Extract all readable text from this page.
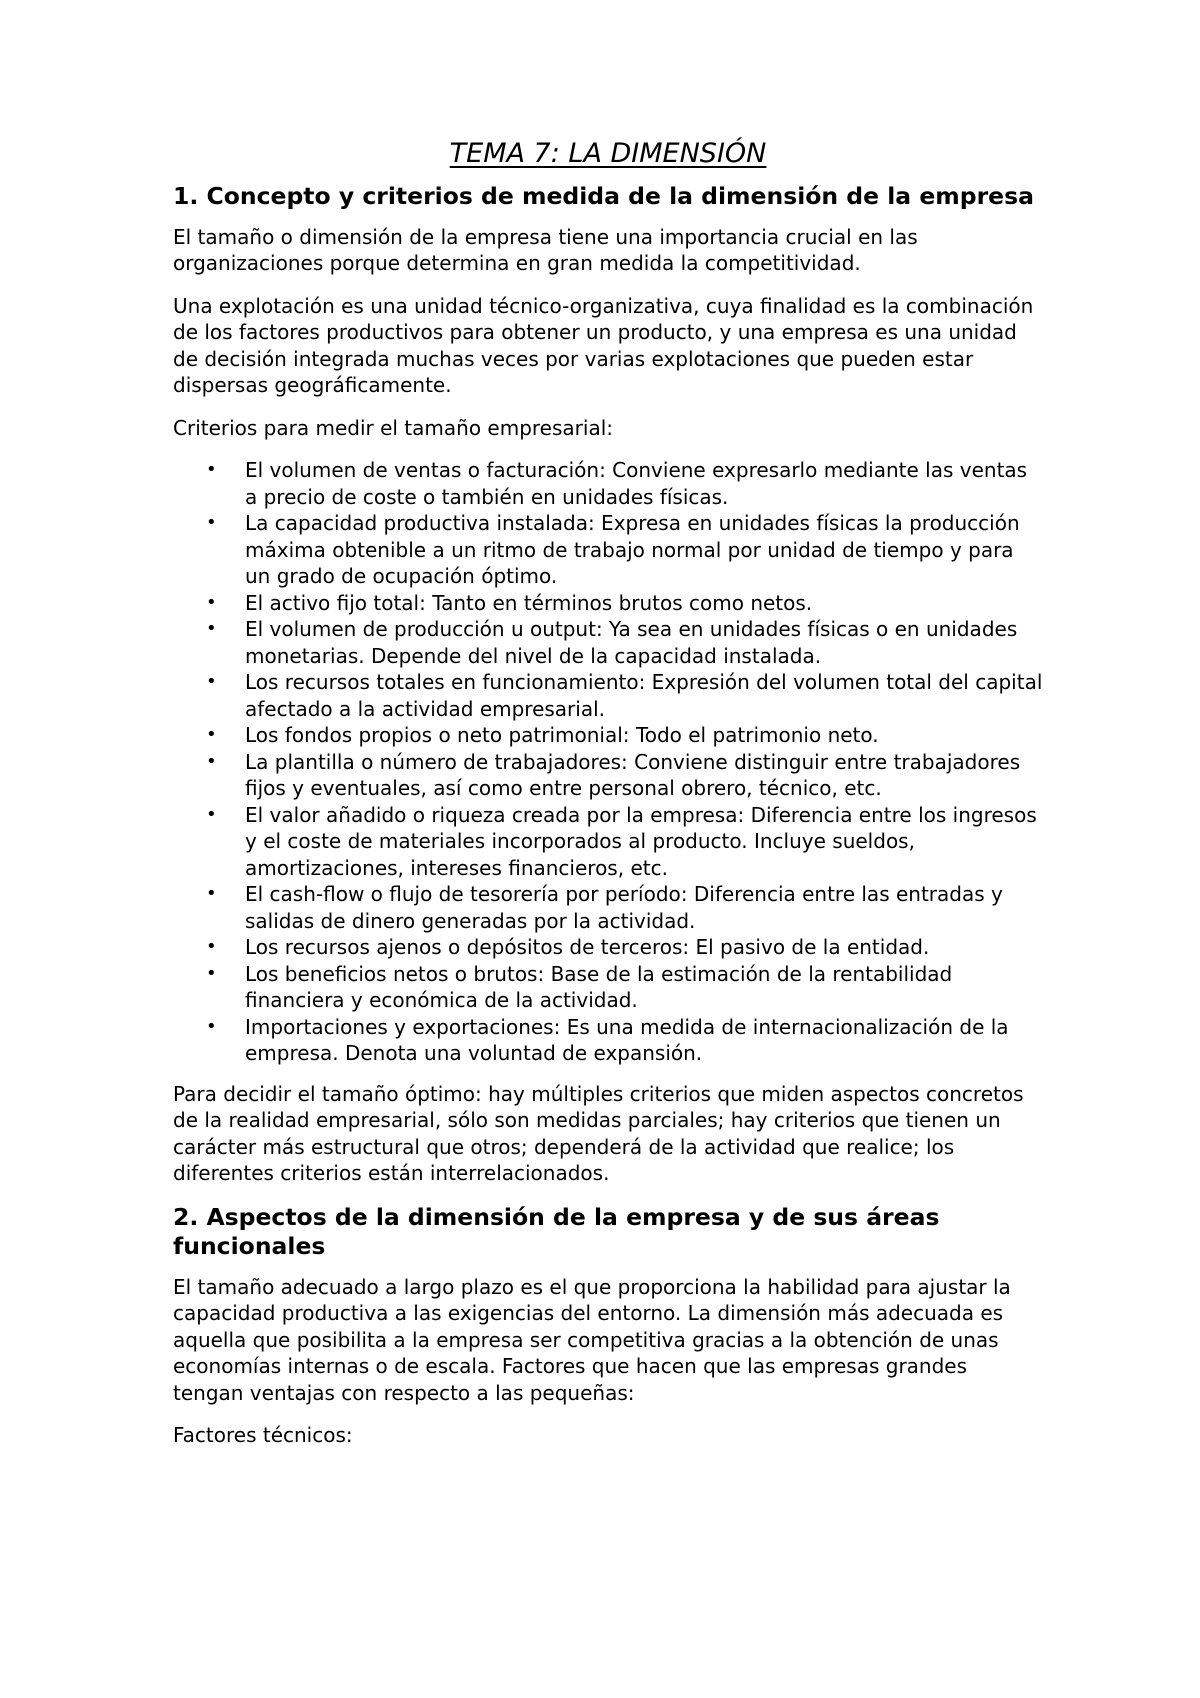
TEMA 7: LA DIMENSIÓN
1. Concepto y criterios de medida de la dimensión de la empresa

El tamaño o dimensión de la empresa tiene una importancia crucial en las organizaciones porque determina en gran medida la competitividad.

Una explotación es una unidad técnico-organizativa, cuya finalidad es la combinación de los factores productivos para obtener un producto, y una empresa es una unidad de decisión integrada muchas veces por varias explotaciones que pueden estar dispersas geográficamente.

Criterios para medir el tamaño empresarial:

• El volumen de ventas o facturación: Conviene expresarlo mediante las ventas a precio de coste o también en unidades físicas.
• La capacidad productiva instalada: Expresa en unidades físicas la producción máxima obtenible a un ritmo de trabajo normal por unidad de tiempo y para un grado de ocupación óptimo.
• El activo fijo total: Tanto en términos brutos como netos.
• El volumen de producción u output: Ya sea en unidades físicas o en unidades monetarias. Depende del nivel de la capacidad instalada.
• Los recursos totales en funcionamiento: Expresión del volumen total del capital afectado a la actividad empresarial.
• Los fondos propios o neto patrimonial: Todo el patrimonio neto.
• La plantilla o número de trabajadores: Conviene distinguir entre trabajadores fijos y eventuales, así como entre personal obrero, técnico, etc.
• El valor añadido o riqueza creada por la empresa: Diferencia entre los ingresos y el coste de materiales incorporados al producto. Incluye sueldos, amortizaciones, intereses financieros, etc.
• El cash-flow o flujo de tesorería por período: Diferencia entre las entradas y salidas de dinero generadas por la actividad.
• Los recursos ajenos o depósitos de terceros: El pasivo de la entidad.
• Los beneficios netos o brutos: Base de la estimación de la rentabilidad financiera y económica de la actividad.
• Importaciones y exportaciones: Es una medida de internacionalización de la empresa. Denota una voluntad de expansión.

Para decidir el tamaño óptimo: hay múltiples criterios que miden aspectos concretos de la realidad empresarial, sólo son medidas parciales; hay criterios que tienen un carácter más estructural que otros; dependerá de la actividad que realice; los diferentes criterios están interrelacionados.

2. Aspectos de la dimensión de la empresa y de sus áreas funcionales

El tamaño adecuado a largo plazo es el que proporciona la habilidad para ajustar la capacidad productiva a las exigencias del entorno. La dimensión más adecuada es aquella que posibilita a la empresa ser competitiva gracias a la obtención de unas economías internas o de escala. Factores que hacen que las empresas grandes tengan ventajas con respecto a las pequeñas:

Factores técnicos:
